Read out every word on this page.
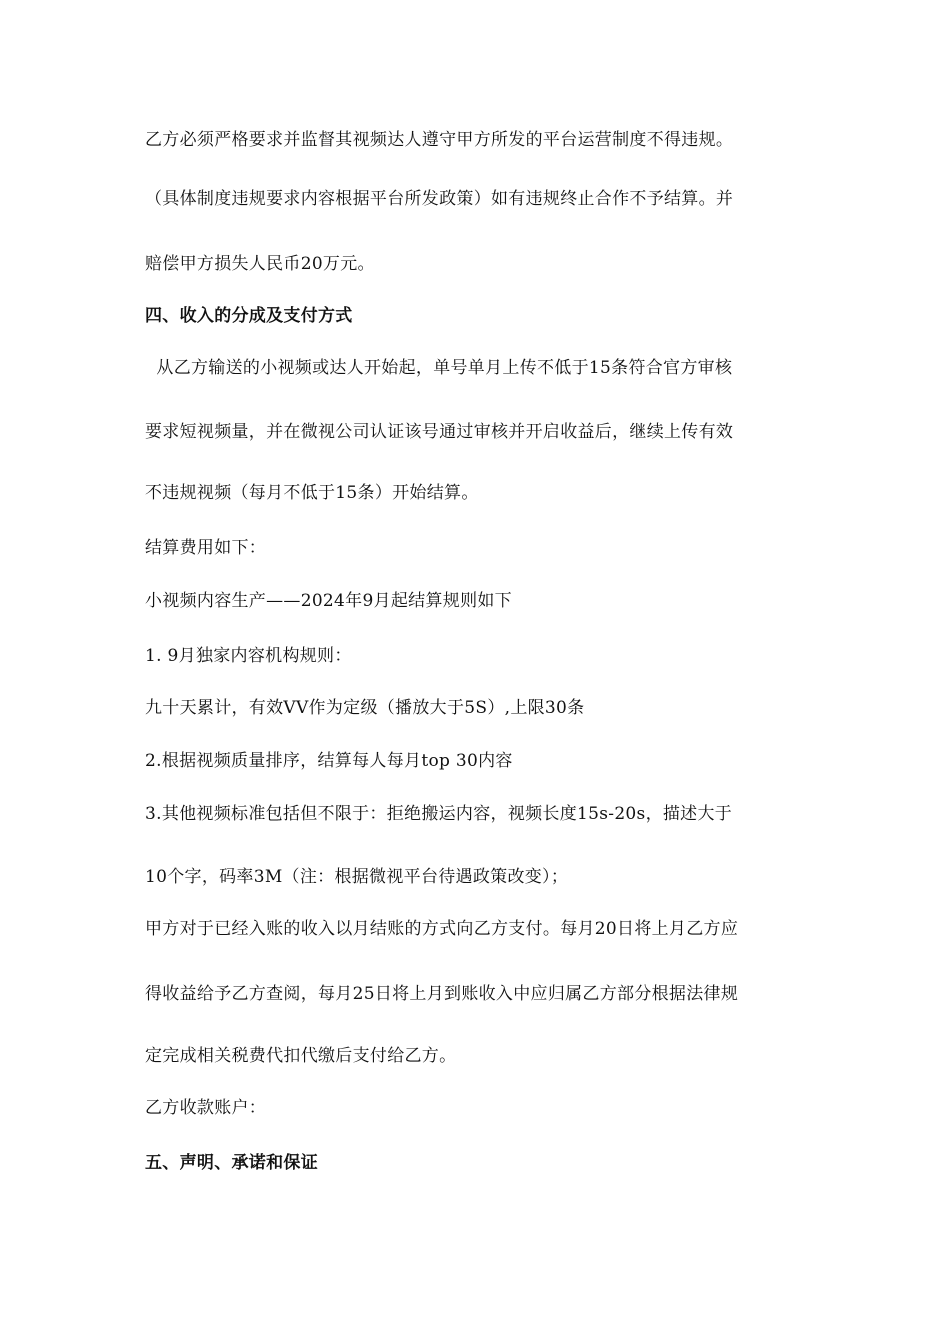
乙方必须严格要求并监督其视频达人遵守甲方所发的平台运营制度不得违规。
（具体制度违规要求内容根据平台所发政策）如有违规终止合作不予结算。并
赔偿甲方损失人民币20万元。
四、收入的分成及支付方式
从乙方输送的小视频或达人开始起，单号单月上传不低于15条符合官方审核
要求短视频量，并在微视公司认证该号通过审核并开启收益后，继续上传有效
不违规视频（每月不低于15条）开始结算。
结算费用如下：
小视频内容生产——2024年9月起结算规则如下
1. 9月独家内容机构规则：
九十天累计，有效VV作为定级（播放大于5S）,上限30条
2.根据视频质量排序，结算每人每月top 30内容
3.其他视频标准包括但不限于：拒绝搬运内容，视频长度15s-20s，描述大于
10个字，码率3M（注：根据微视平台待遇政策改变）；
甲方对于已经入账的收入以月结账的方式向乙方支付。每月20日将上月乙方应
得收益给予乙方查阅，每月25日将上月到账收入中应归属乙方部分根据法律规
定完成相关税费代扣代缴后支付给乙方。
乙方收款账户：
五、声明、承诺和保证
